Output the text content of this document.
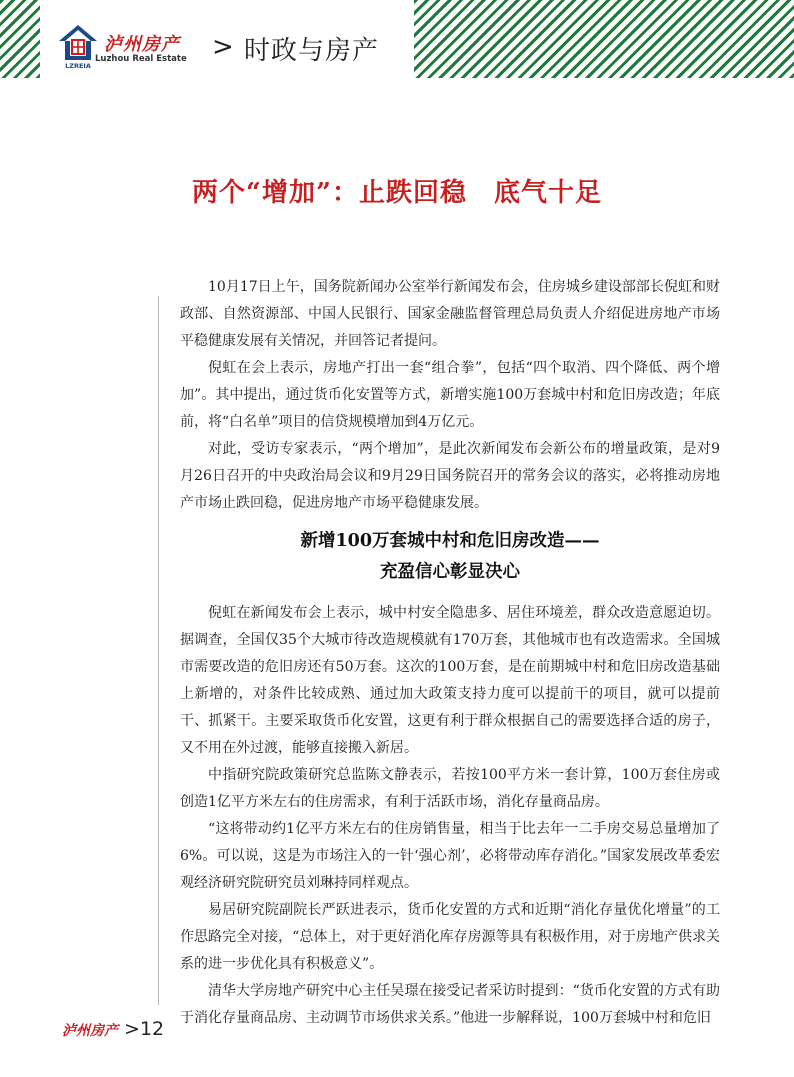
LZREIA
泸州房产
Luzhou Real Estate > 时政与房产
两个“增加”：止跌回稳　底气十足

10月17日上午，国务院新闻办公室举行新闻发布会，住房城乡建设部部长倪虹和财政部、自然资源部、中国人民银行、国家金融监督管理总局负责人介绍促进房地产市场平稳健康发展有关情况，并回答记者提问。

倪虹在会上表示，房地产打出一套“组合拳”，包括“四个取消、四个降低、两个增加”。其中提出，通过货币化安置等方式，新增实施100万套城中村和危旧房改造；年底前，将“白名单”项目的信贷规模增加到4万亿元。

对此，受访专家表示，“两个增加”，是此次新闻发布会新公布的增量政策，是对9月26日召开的中央政治局会议和9月29日国务院召开的常务会议的落实，必将推动房地产市场止跌回稳，促进房地产市场平稳健康发展。

新增100万套城中村和危旧房改造——
充盈信心彰显决心

倪虹在新闻发布会上表示，城中村安全隐患多、居住环境差，群众改造意愿迫切。据调查，全国仅35个大城市待改造规模就有170万套，其他城市也有改造需求。全国城市需要改造的危旧房还有50万套。这次的100万套，是在前期城中村和危旧房改造基础上新增的，对条件比较成熟、通过加大政策支持力度可以提前干的项目，就可以提前干、抓紧干。主要采取货币化安置，这更有利于群众根据自己的需要选择合适的房子，又不用在外过渡，能够直接搬入新居。

中指研究院政策研究总监陈文静表示，若按100平方米一套计算，100万套住房或创造1亿平方米左右的住房需求，有利于活跃市场，消化存量商品房。

“这将带动约1亿平方米左右的住房销售量，相当于比去年一二手房交易总量增加了6%。可以说，这是为市场注入的一针‘强心剂’，必将带动库存消化。”国家发展改革委宏观经济研究院研究员刘琳持同样观点。

易居研究院副院长严跃进表示，货币化安置的方式和近期“消化存量优化增量”的工作思路完全对接，“总体上，对于更好消化库存房源等具有积极作用，对于房地产供求关系的进一步优化具有积极意义”。

清华大学房地产研究中心主任吴璟在接受记者采访时提到：“货币化安置的方式有助于消化存量商品房、主动调节市场供求关系。”他进一步解释说，100万套城中村和危旧

泸州房产 >12
